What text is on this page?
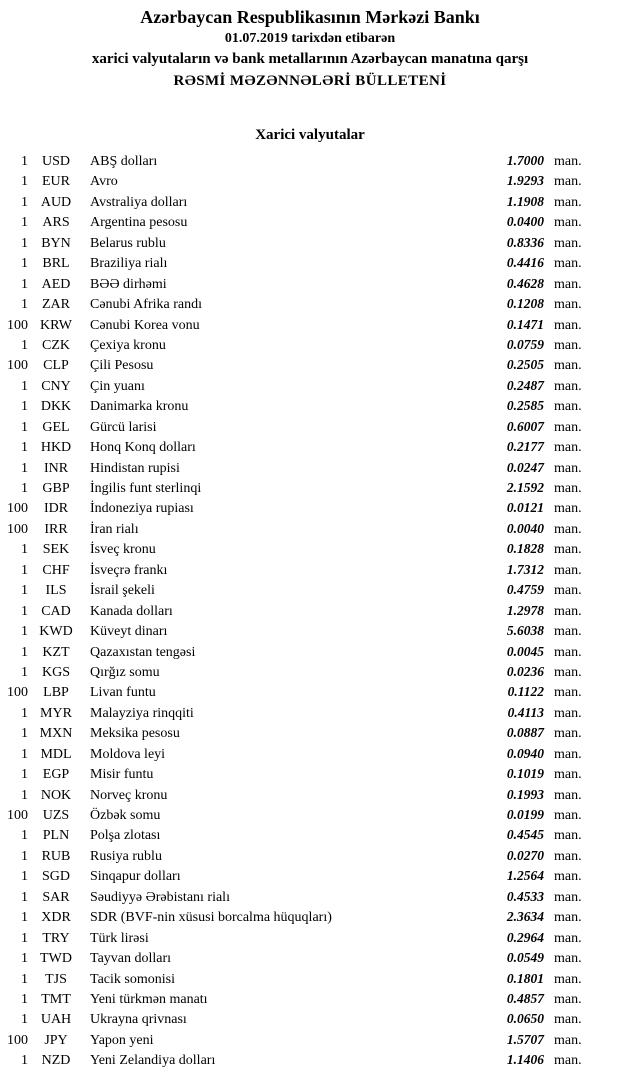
Azərbaycan Respublikasının Mərkəzi Bankı
01.07.2019 tarixdən etibarən
xarici valyutaların və bank metallarının Azərbaycan manatına qarşı
RƏSMİ MƏZƏNNƏLƏRİ BÜLLETENİ
Xarici valyutalar
1 USD	ABŞ dolları	1.7000 man.
1	EUR	Avro	1.9293 man.
1 AUD	Avstraliya dolları	1.1908 man.
1	ARS	Argentina pesosu	0.0400 man.
1 BYN	Belarus rublu	0.8336 man.
1	BRL	Braziliya rialı	0.4416 man.
1 AED	BƏƏ dirhəmi	0.4628 man.
1	ZAR	Cənubi Afrika randı	0.1208 man.
100 KRW	Cənubi Korea vonu	0.1471 man.
1	CZK	Çexiya kronu	0.0759 man.
100	CLP	Çili Pesosu	0.2505 man.
1 CNY	Çin yuanı	0.2487 man.
1 DKK	Danimarka kronu	0.2585 man.
1	GEL	Gürcü larisi	0.6007 man.
1 HKD	Honq Konq dolları	0.2177 man.
1	INR	Hindistan rupisi	0.0247 man.
1	GBP	İngilis funt sterlinqi	2.1592 man.
100	IDR	İndoneziya rupiası	0.0121 man.
100	IRR	İran rialı	0.0040 man.
1	SEK	İsveç kronu	0.1828 man.
1	CHF	İsveçrə frankı	1.7312 man.
1	ILS	İsrail şekeli	0.4759 man.
1 CAD	Kanada dolları	1.2978 man.
1 KWD	Küveyt dinarı	5.6038 man.
1	KZT	Qazaxıstan tengəsi	0.0045 man.
1 KGS	Qırğız somu	0.0236 man.
100	LBP	Livan funtu	0.1122 man.
1 MYR	Malayziya rinqqiti	0.4113 man.
1 MXN	Meksika pesosu	0.0887 man.
1 MDL	Moldova leyi	0.0940 man.
1	EGP	Misir funtu	0.1019 man.
1 NOK	Norveç kronu	0.1993 man.
100	UZS	Özbək somu	0.0199 man.
1	PLN	Polşa zlotası	0.4545 man.
1 RUB	Rusiya rublu	0.0270 man.
1 SGD	Sinqapur dolları	1.2564 man.
1	SAR	Səudiyyə Ərəbistanı rialı	0.4533 man.
1 XDR	SDR (BVF-nin xüsusi borcalma hüquqları)	2.3634 man.
1	TRY	Türk lirəsi	0.2964 man.
1 TWD	Tayvan dolları	0.0549 man.
1	TJS	Tacik somonisi	0.1801 man.
1 TMT	Yeni türkmən manatı	0.4857 man.
1 UAH	Ukrayna qrivnası	0.0650 man.
100	JPY	Yapon yeni	1.5707 man.
1 NZD	Yeni Zelandiya dolları	1.1406 man.
